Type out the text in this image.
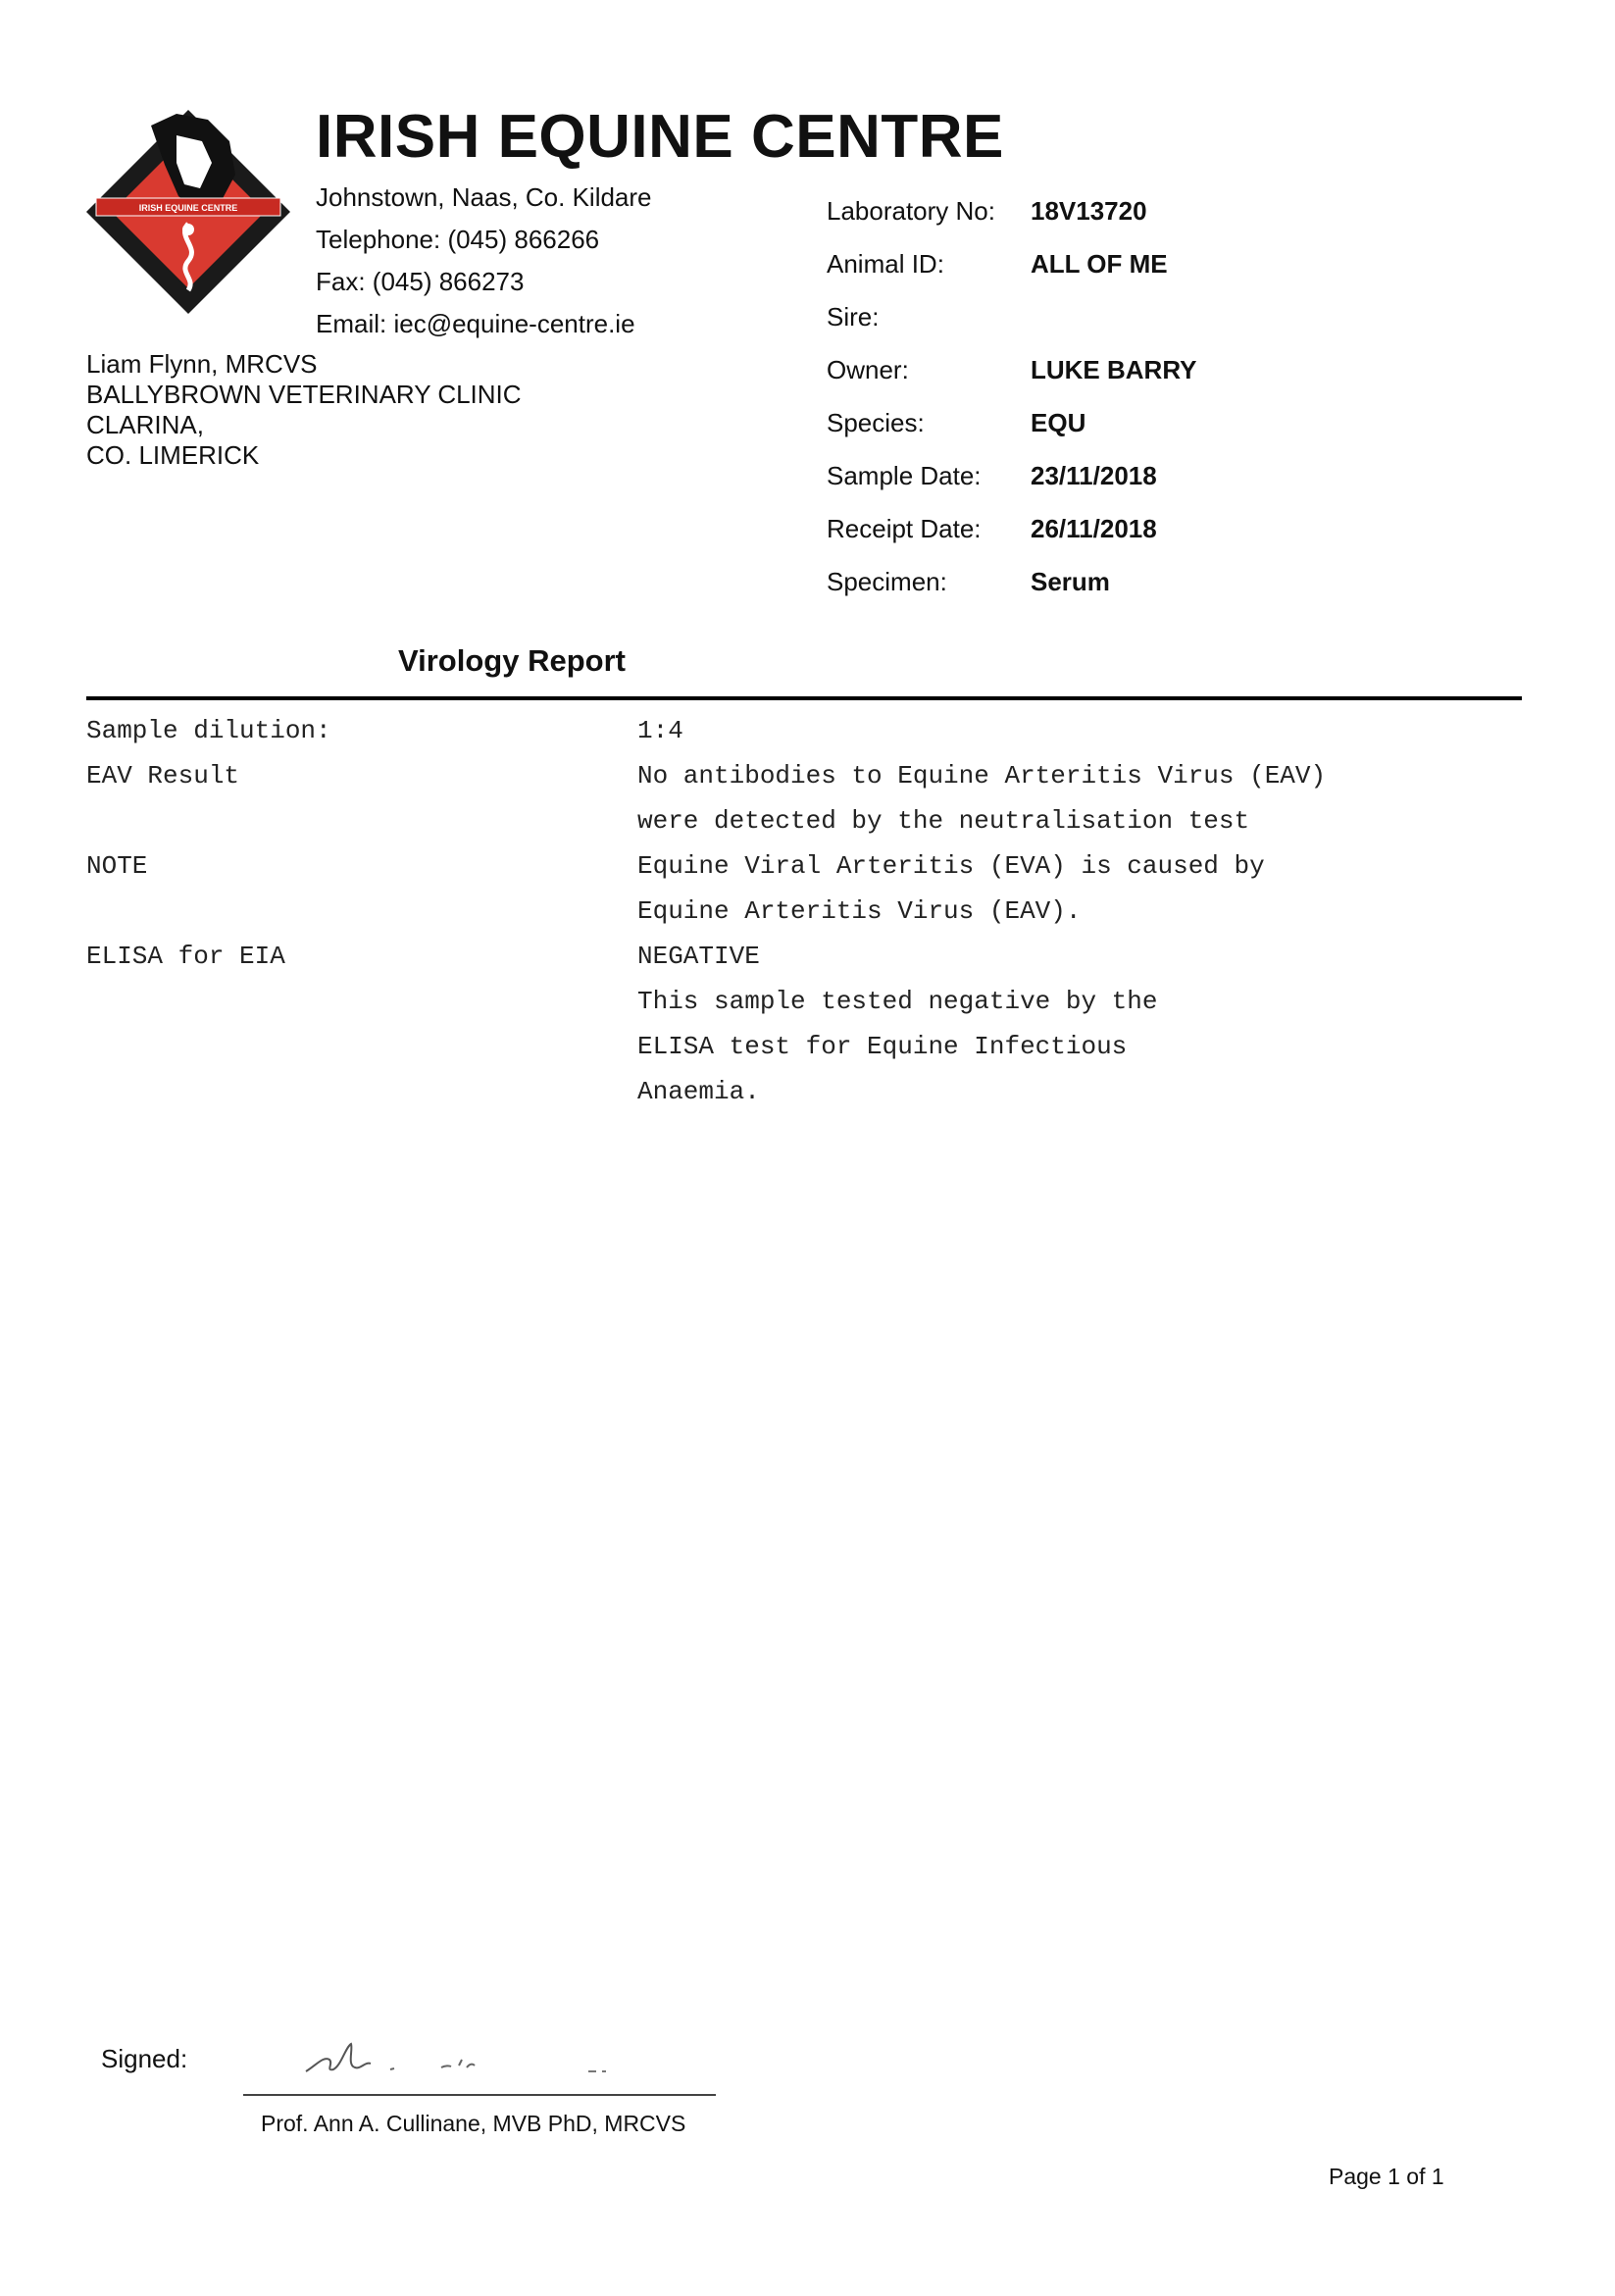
IRISH EQUINE CENTRE
IRISH EQUINE CENTRE
Johnstown, Naas, Co. Kildare
Telephone: (045) 866266
Fax: (045) 866273
Email: iec@equine-centre.ie
Liam Flynn, MRCVS
BALLYBROWN VETERINARY CLINIC
CLARINA,
CO. LIMERICK
Laboratory No:	18V13720
Animal ID:	ALL OF ME
Sire:
Owner:	LUKE BARRY
Species:	EQU
Sample Date:	23/11/2018
Receipt Date:	26/11/2018
Specimen:	Serum
Virology Report
Sample dilution:	1:4
EAV Result	No antibodies to Equine Arteritis Virus (EAV)
were detected by the neutralisation test
NOTE	Equine Viral Arteritis (EVA) is caused by
Equine Arteritis Virus (EAV).
ELISA for EIA	NEGATIVE
This sample tested negative by the
ELISA test for Equine Infectious
Anaemia.
Signed:
Prof. Ann A. Cullinane, MVB PhD, MRCVS
Page 1 of 1
